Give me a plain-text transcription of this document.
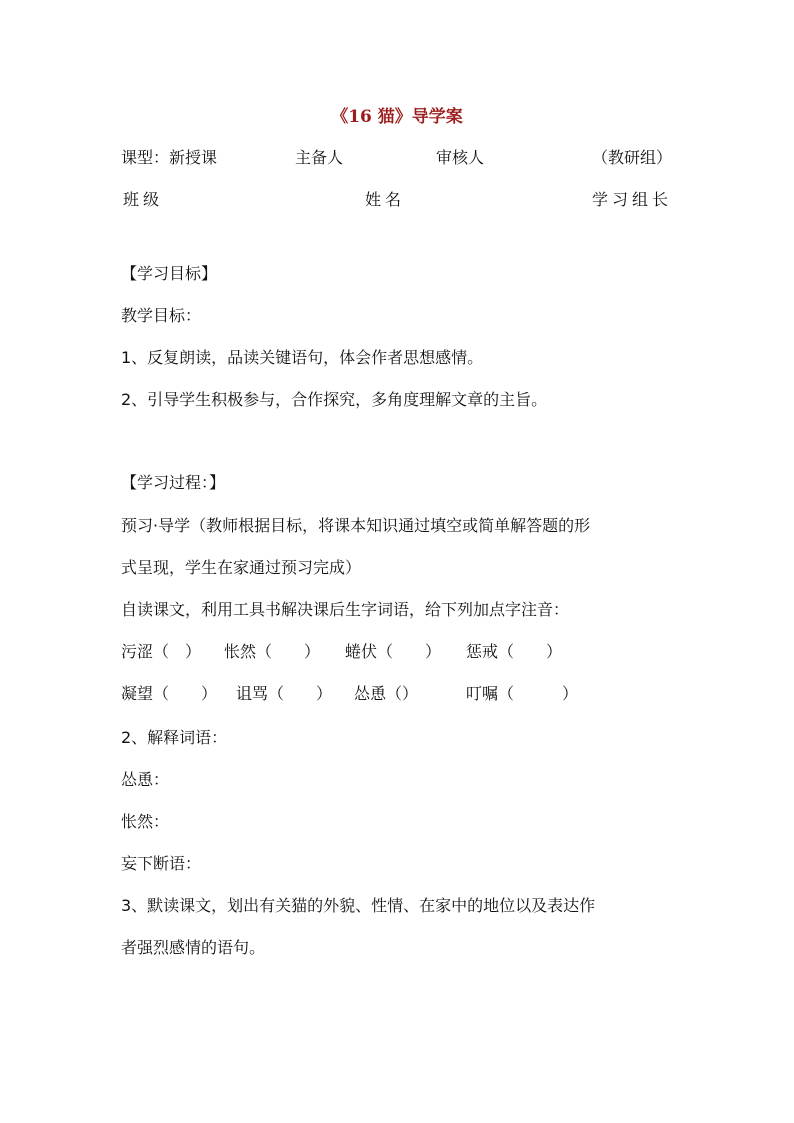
《16 猫》导学案
课型：新授课	主备人	审核人	（教研组）
班级	姓名	学习组长
【学习目标】
教学目标：
1、反复朗读，品读关键语句，体会作者思想感情。
2、引导学生积极参与，合作探究，多角度理解文章的主旨。
【学习过程：】
预习·导学（教师根据目标，将课本知识通过填空或简单解答题的形
式呈现，学生在家通过预习完成）
自读课文，利用工具书解决课后生字词语，给下列加点字注音：
污涩（　） 怅然（　　） 蜷伏（　　） 惩戒（　　）
凝望（　　） 诅骂（　　） 怂恿（）	叮嘱（　　　）
2、解释词语：
怂恿：
怅然：
妄下断语：
3、默读课文，划出有关猫的外貌、性情、在家中的地位以及表达作
者强烈感情的语句。
